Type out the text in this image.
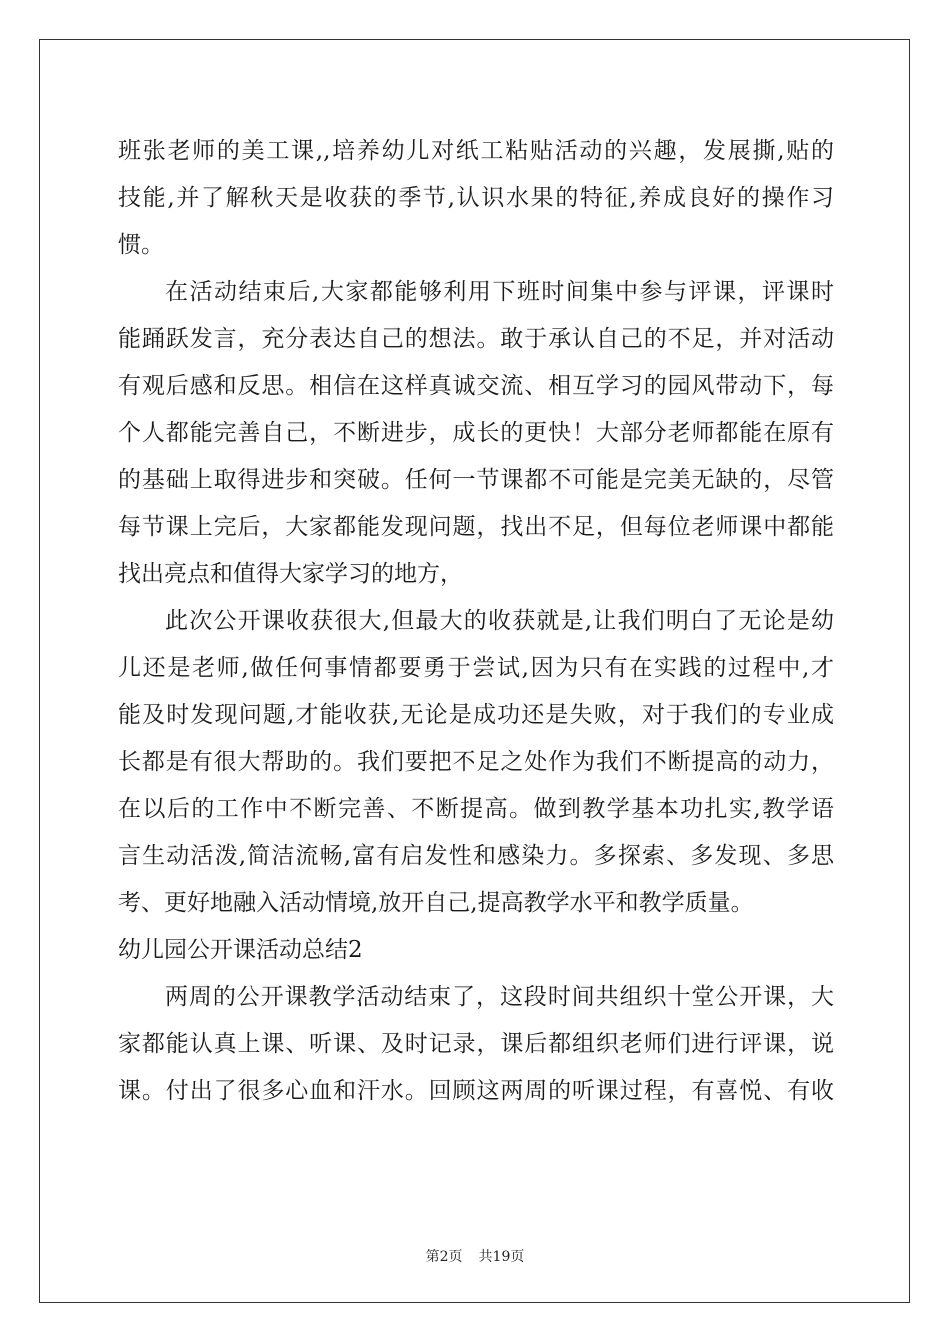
班张老师的美工课,,培养幼儿对纸工粘贴活动的兴趣，发展撕,贴的
技能,并了解秋天是收获的季节,认识水果的特征,养成良好的操作习
惯。
在活动结束后,大家都能够利用下班时间集中参与评课，评课时
能踊跃发言，充分表达自己的想法。敢于承认自己的不足，并对活动
有观后感和反思。相信在这样真诚交流、相互学习的园风带动下，每
个人都能完善自己，不断进步，成长的更快！大部分老师都能在原有
的基础上取得进步和突破。任何一节课都不可能是完美无缺的，尽管
每节课上完后，大家都能发现问题，找出不足，但每位老师课中都能
找出亮点和值得大家学习的地方，
此次公开课收获很大,但最大的收获就是,让我们明白了无论是幼
儿还是老师,做任何事情都要勇于尝试,因为只有在实践的过程中,才
能及时发现问题,才能收获,无论是成功还是失败，对于我们的专业成
长都是有很大帮助的。我们要把不足之处作为我们不断提高的动力，
在以后的工作中不断完善、不断提高。做到教学基本功扎实,教学语
言生动活泼,简洁流畅,富有启发性和感染力。多探索、多发现、多思
考、更好地融入活动情境,放开自己,提高教学水平和教学质量。
幼儿园公开课活动总结2
两周的公开课教学活动结束了，这段时间共组织十堂公开课，大
家都能认真上课、听课、及时记录，课后都组织老师们进行评课，说
课。付出了很多心血和汗水。回顾这两周的听课过程，有喜悦、有收
第2页 共19页
